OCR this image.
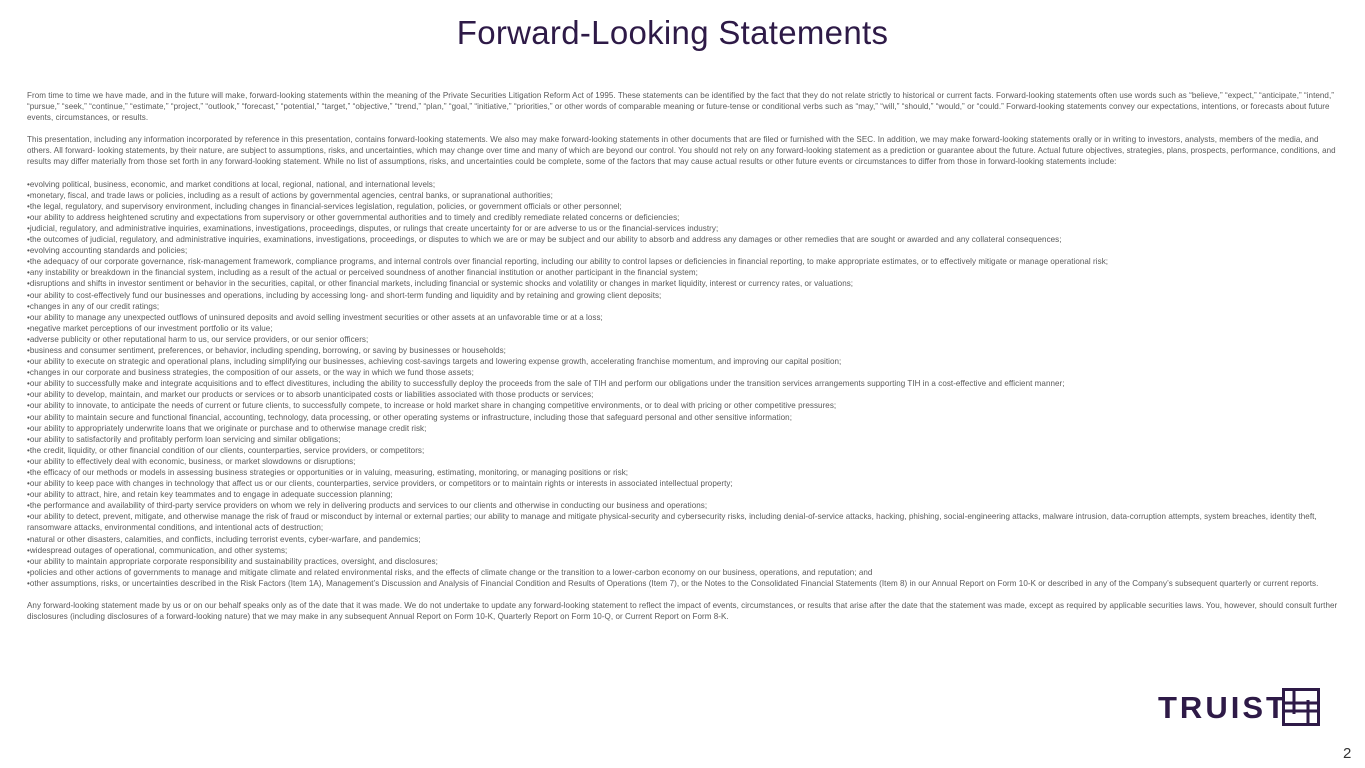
Forward-Looking Statements

From time to time we have made, and in the future will make, forward-looking statements within the meaning of the Private Securities Litigation Reform Act of 1995. These statements can be identified by the fact that they do not relate strictly to historical or current facts. Forward-looking statements often use words such as “believe,” “expect,” “anticipate,” “intend,” “pursue,” “seek,” “continue,” “estimate,” “project,” “outlook,” “forecast,” “potential,” “target,” “objective,” “trend,” “plan,” “goal,” “initiative,” “priorities,” or other words of comparable meaning or future-tense or conditional verbs such as “may,” “will,” “should,” “would,” or “could.” Forward-looking statements convey our expectations, intentions, or forecasts about future events, circumstances, or results.

This presentation, including any information incorporated by reference in this presentation, contains forward-looking statements. We also may make forward-looking statements in other documents that are filed or furnished with the SEC. In addition, we may make forward-looking statements orally or in writing to investors, analysts, members of the media, and others. All forward- looking statements, by their nature, are subject to assumptions, risks, and uncertainties, which may change over time and many of which are beyond our control. You should not rely on any forward-looking statement as a prediction or guarantee about the future. Actual future objectives, strategies, plans, prospects, performance, conditions, and results may differ materially from those set forth in any forward-looking statement. While no list of assumptions, risks, and uncertainties could be complete, some of the factors that may cause actual results or other future events or circumstances to differ from those in forward-looking statements include:

• evolving political, business, economic, and market conditions at local, regional, national, and international levels;
• monetary, fiscal, and trade laws or policies, including as a result of actions by governmental agencies, central banks, or supranational authorities;
• the legal, regulatory, and supervisory environment, including changes in financial-services legislation, regulation, policies, or government officials or other personnel;
• our ability to address heightened scrutiny and expectations from supervisory or other governmental authorities and to timely and credibly remediate related concerns or deficiencies;
• judicial, regulatory, and administrative inquiries, examinations, investigations, proceedings, disputes, or rulings that create uncertainty for or are adverse to us or the financial-services industry;
• the outcomes of judicial, regulatory, and administrative inquiries, examinations, investigations, proceedings, or disputes to which we are or may be subject and our ability to absorb and address any damages or other remedies that are sought or awarded and any collateral consequences;
• evolving accounting standards and policies;
• the adequacy of our corporate governance, risk-management framework, compliance programs, and internal controls over financial reporting, including our ability to control lapses or deficiencies in financial reporting, to make appropriate estimates, or to effectively mitigate or manage operational risk;
• any instability or breakdown in the financial system, including as a result of the actual or perceived soundness of another financial institution or another participant in the financial system;
• disruptions and shifts in investor sentiment or behavior in the securities, capital, or other financial markets, including financial or systemic shocks and volatility or changes in market liquidity, interest or currency rates, or valuations;
• our ability to cost-effectively fund our businesses and operations, including by accessing long- and short-term funding and liquidity and by retaining and growing client deposits;
• changes in any of our credit ratings;
• our ability to manage any unexpected outflows of uninsured deposits and avoid selling investment securities or other assets at an unfavorable time or at a loss;
• negative market perceptions of our investment portfolio or its value;
• adverse publicity or other reputational harm to us, our service providers, or our senior officers;
• business and consumer sentiment, preferences, or behavior, including spending, borrowing, or saving by businesses or households;
• our ability to execute on strategic and operational plans, including simplifying our businesses, achieving cost-savings targets and lowering expense growth, accelerating franchise momentum, and improving our capital position;
• changes in our corporate and business strategies, the composition of our assets, or the way in which we fund those assets;
• our ability to successfully make and integrate acquisitions and to effect divestitures, including the ability to successfully deploy the proceeds from the sale of TIH and perform our obligations under the transition services arrangements supporting TIH in a cost-effective and efficient manner;
• our ability to develop, maintain, and market our products or services or to absorb unanticipated costs or liabilities associated with those products or services;
• our ability to innovate, to anticipate the needs of current or future clients, to successfully compete, to increase or hold market share in changing competitive environments, or to deal with pricing or other competitive pressures;
• our ability to maintain secure and functional financial, accounting, technology, data processing, or other operating systems or infrastructure, including those that safeguard personal and other sensitive information;
• our ability to appropriately underwrite loans that we originate or purchase and to otherwise manage credit risk;
• our ability to satisfactorily and profitably perform loan servicing and similar obligations;
• the credit, liquidity, or other financial condition of our clients, counterparties, service providers, or competitors;
• our ability to effectively deal with economic, business, or market slowdowns or disruptions;
• the efficacy of our methods or models in assessing business strategies or opportunities or in valuing, measuring, estimating, monitoring, or managing positions or risk;
• our ability to keep pace with changes in technology that affect us or our clients, counterparties, service providers, or competitors or to maintain rights or interests in associated intellectual property;
• our ability to attract, hire, and retain key teammates and to engage in adequate succession planning;
• the performance and availability of third-party service providers on whom we rely in delivering products and services to our clients and otherwise in conducting our business and operations;
• our ability to detect, prevent, mitigate, and otherwise manage the risk of fraud or misconduct by internal or external parties; our ability to manage and mitigate physical-security and cybersecurity risks, including denial-of-service attacks, hacking, phishing, social-engineering attacks, malware intrusion, data-corruption attempts, system breaches, identity theft, ransomware attacks, environmental conditions, and intentional acts of destruction;
• natural or other disasters, calamities, and conflicts, including terrorist events, cyber-warfare, and pandemics;
• widespread outages of operational, communication, and other systems;
• our ability to maintain appropriate corporate responsibility and sustainability practices, oversight, and disclosures;
• policies and other actions of governments to manage and mitigate climate and related environmental risks, and the effects of climate change or the transition to a lower-carbon economy on our business, operations, and reputation; and
• other assumptions, risks, or uncertainties described in the Risk Factors (Item 1A), Management’s Discussion and Analysis of Financial Condition and Results of Operations (Item 7), or the Notes to the Consolidated Financial Statements (Item 8) in our Annual Report on Form 10-K or described in any of the Company’s subsequent quarterly or current reports.

Any forward-looking statement made by us or on our behalf speaks only as of the date that it was made. We do not undertake to update any forward-looking statement to reflect the impact of events, circumstances, or results that arise after the date that the statement was made, except as required by applicable securities laws. You, however, should consult further disclosures (including disclosures of a forward-looking nature) that we may make in any subsequent Annual Report on Form 10-K, Quarterly Report on Form 10-Q, or Current Report on Form 8-K.

TRUIST
2
